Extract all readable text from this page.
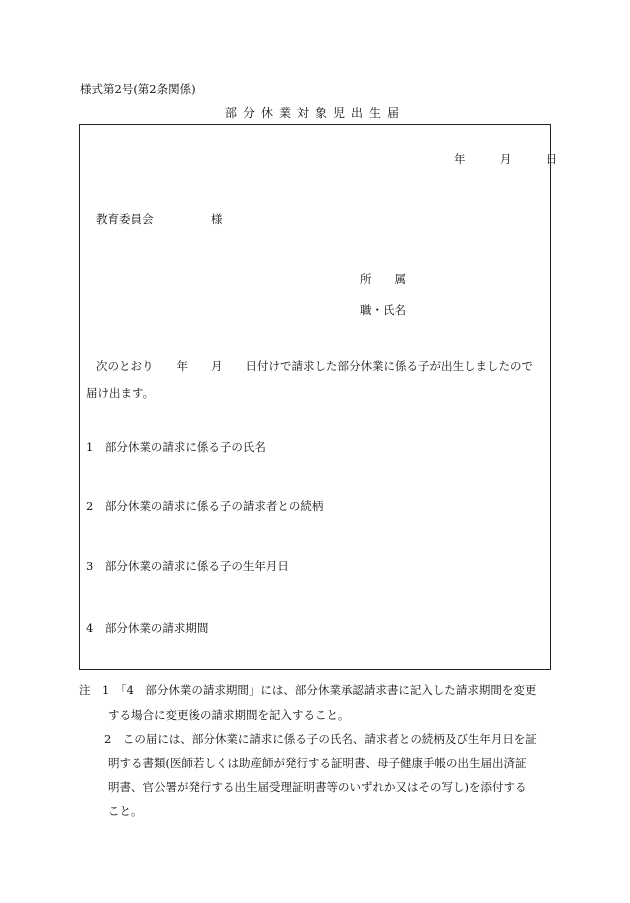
様式第2号(第2条関係)
部分休業対象児出生届
年	月	日
教育委員会　　　　　様
所　　属
職・氏名
次のとおり　　年　　月　　日付けで請求した部分休業に係る子が出生しましたので
届け出ます。
1　部分休業の請求に係る子の氏名
2　部分休業の請求に係る子の請求者との続柄
3　部分休業の請求に係る子の生年月日
4　部分休業の請求期間
注　1　「4　部分休業の請求期間」には、部分休業承認請求書に記入した請求期間を変更
する場合に変更後の請求期間を記入すること。
2　この届には、部分休業に請求に係る子の氏名、請求者との続柄及び生年月日を証
明する書類(医師若しくは助産師が発行する証明書、母子健康手帳の出生届出済証
明書、官公署が発行する出生届受理証明書等のいずれか又はその写し)を添付する
こと。
